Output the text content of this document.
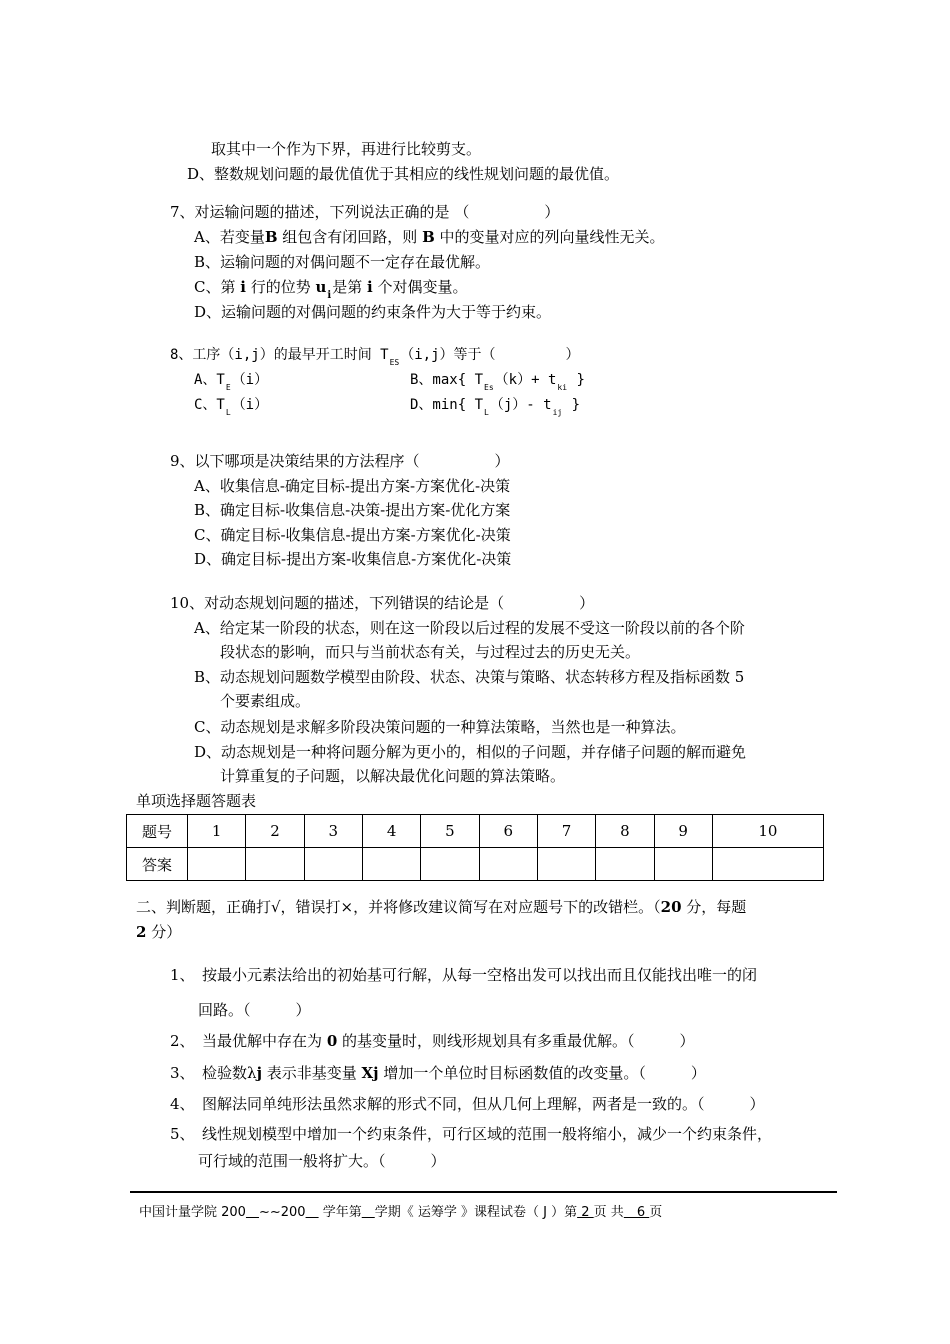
取其中一个作为下界，再进行比较剪支。
D、整数规划问题的最优值优于其相应的线性规划问题的最优值。
7、对运输问题的描述，下列说法正确的是 （　　　　　）
A、若变量B 组包含有闭回路，则 B 中的变量对应的列向量线性无关。
B、运输问题的对偶问题不一定存在最优解。
C、第 i 行的位势 $u_i$是第 i 个对偶变量。
D、运输问题的对偶问题的约束条件为大于等于约束。
8、工序（i,j）的最早开工时间 $T_{ES}(i,j)$等于（　　　　　）
A、$T_E(i)$	B、max{ $T_{Es}(k)+ t_{ki}$ }
C、$T_L(i)$	D、min{ $T_L(j)-$ $t_{ij}$ }
9、以下哪项是决策结果的方法程序（　　　　　）
A、收集信息-确定目标-提出方案-方案优化-决策
B、确定目标-收集信息-决策-提出方案-优化方案
C、确定目标-收集信息-提出方案-方案优化-决策
D、确定目标-提出方案-收集信息-方案优化-决策
10、对动态规划问题的描述，下列错误的结论是（　　　　　）
A、给定某一阶段的状态，则在这一阶段以后过程的发展不受这一阶段以前的各个阶
段状态的影响，而只与当前状态有关，与过程过去的历史无关。
B、动态规划问题数学模型由阶段、状态、决策与策略、状态转移方程及指标函数 5
个要素组成。
C、动态规划是求解多阶段决策问题的一种算法策略，当然也是一种算法。
D、动态规划是一种将问题分解为更小的，相似的子问题，并存储子问题的解而避免
计算重复的子问题，以解决最优化问题的算法策略。
单项选择题答题表
题号	1	2	3	4	5	6	7	8	9	10
答案										
二、判断题，正确打√，错误打×，并将修改建议简写在对应题号下的改错栏。（20 分，每题
2 分）
1、　按最小元素法给出的初始基可行解，从每一空格出发可以找出而且仅能找出唯一的闭
回路。（　　　）
2、　当最优解中存在为 0 的基变量时，则线形规划具有多重最优解。（　　　）
3、　检验数λj 表示非基变量 Xj 增加一个单位时目标函数值的改变量。（　　　）
4、　图解法同单纯形法虽然求解的形式不同，但从几何上理解，两者是一致的。（　　　）
5、　线性规划模型中增加一个约束条件，可行区域的范围一般将缩小，减少一个约束条件，
可行域的范围一般将扩大。（　　　）
中国计量学院 200　 ~~200　 学年第　 学期《 运筹学 》课程试卷（ J ）第 2 页 共　6 页
